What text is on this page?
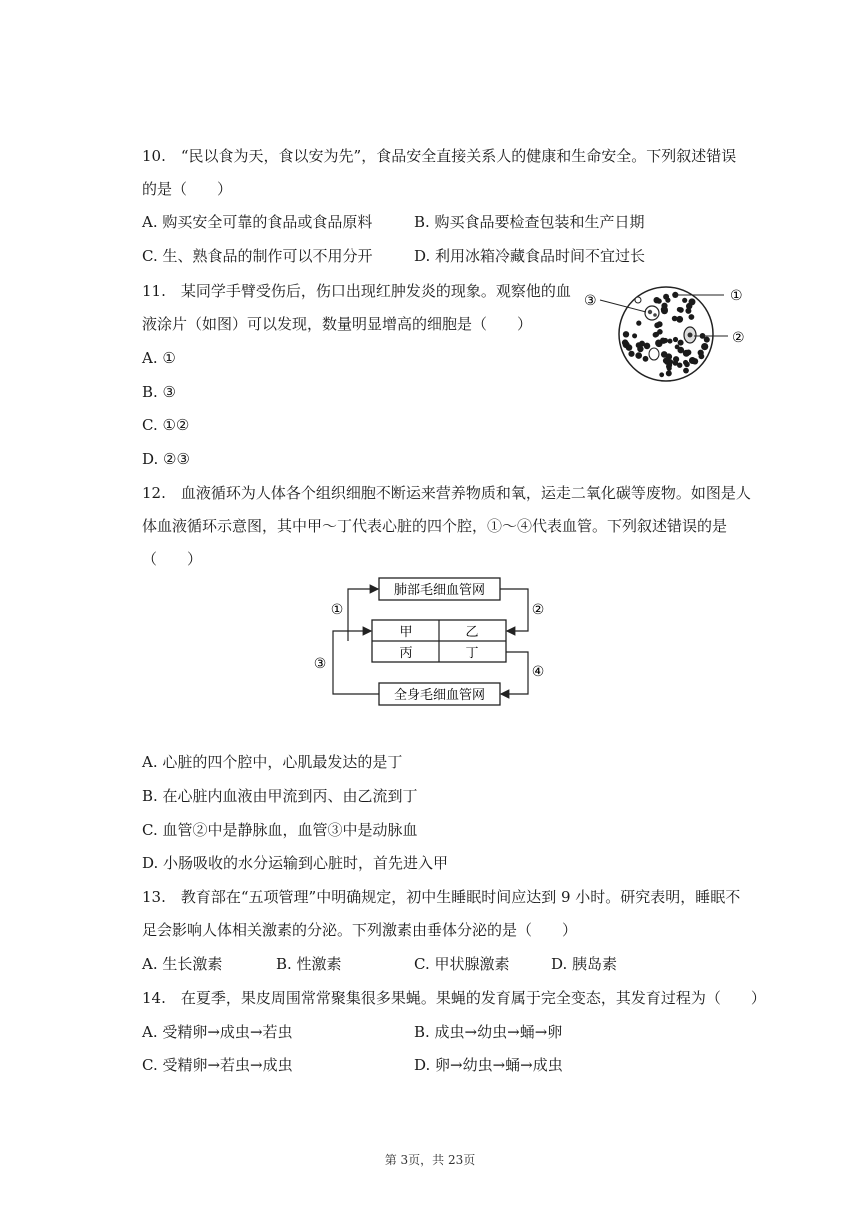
10.　“民以食为天，食以安为先”，食品安全直接关系人的健康和生命安全。下列叙述错误
的是（　　）
A. 购买安全可靠的食品或食品原料	B. 购买食品要检查包装和生产日期
C. 生、熟食品的制作可以不用分开	D. 利用冰箱冷藏食品时间不宜过长
11.　某同学手臂受伤后，伤口出现红肿发炎的现象。观察他的血
液涂片（如图）可以发现，数量明显增高的细胞是（　　）
A. ①
B. ③
C. ①②
D. ②③
③	①
②
12.　血液循环为人体各个组织细胞不断运来营养物质和氧，运走二氧化碳等废物。如图是人
体血液循环示意图，其中甲～丁代表心脏的四个腔，①～④代表血管。下列叙述错误的是
（　　）
肺部毛细血管网
甲	乙
丙	丁
全身毛细血管网
①	②
③	④
A. 心脏的四个腔中，心肌最发达的是丁
B. 在心脏内血液由甲流到丙、由乙流到丁
C. 血管②中是静脉血，血管③中是动脉血
D. 小肠吸收的水分运输到心脏时，首先进入甲
13.　教育部在“五项管理”中明确规定，初中生睡眠时间应达到 9 小时。研究表明，睡眠不
足会影响人体相关激素的分泌。下列激素由垂体分泌的是（　　）
A. 生长激素	B. 性激素	C. 甲状腺激素	D. 胰岛素
14.　在夏季，果皮周围常常聚集很多果蝇。果蝇的发育属于完全变态，其发育过程为（　　）
A. 受精卵→成虫→若虫	B. 成虫→幼虫→蛹→卵
C. 受精卵→若虫→成虫	D. 卵→幼虫→蛹→成虫
第 3页，共 23页
